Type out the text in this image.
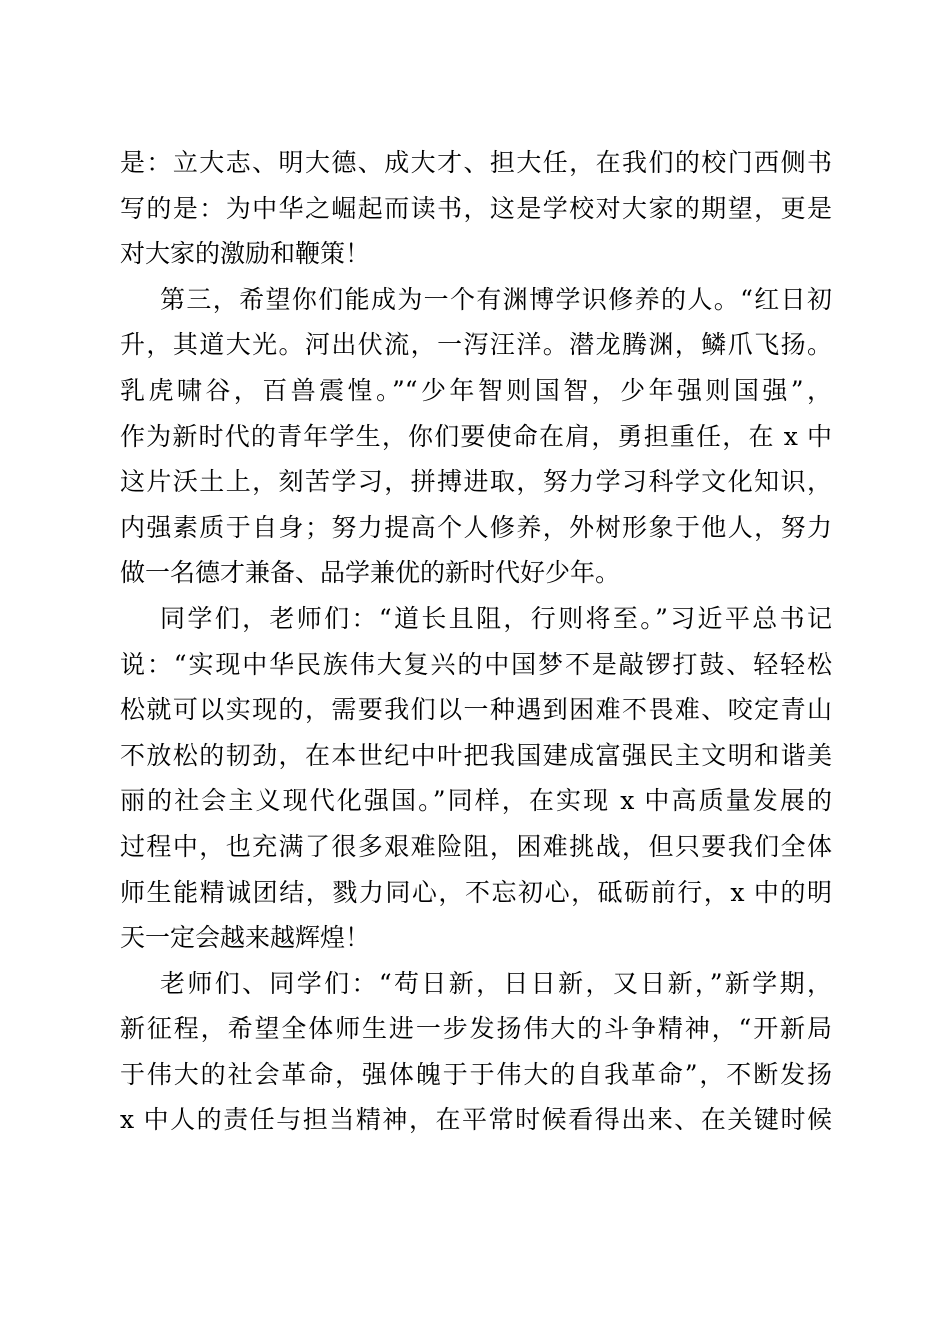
是：立大志、明大德、成大才、担大任，在我们的校门西侧书
写的是：为中华之崛起而读书，这是学校对大家的期望，更是
对大家的激励和鞭策！
第三，希望你们能成为一个有渊博学识修养的人。“红日初
升，其道大光。河出伏流，一泻汪洋。潜龙腾渊，鳞爪飞扬。
乳虎啸谷，百兽震惶。”“少年智则国智，少年强则国强”，
作为新时代的青年学生，你们要使命在肩，勇担重任，在 x 中
这片沃土上，刻苦学习，拼搏进取，努力学习科学文化知识，
内强素质于自身；努力提高个人修养，外树形象于他人，努力
做一名德才兼备、品学兼优的新时代好少年。
同学们，老师们：“道长且阻，行则将至。”习近平总书记
说：“实现中华民族伟大复兴的中国梦不是敲锣打鼓、轻轻松
松就可以实现的，需要我们以一种遇到困难不畏难、咬定青山
不放松的韧劲，在本世纪中叶把我国建成富强民主文明和谐美
丽的社会主义现代化强国。”同样，在实现 x 中高质量发展的
过程中，也充满了很多艰难险阻，困难挑战，但只要我们全体
师生能精诚团结，戮力同心，不忘初心，砥砺前行，x 中的明
天一定会越来越辉煌！
老师们、同学们：“苟日新，日日新，又日新，”新学期，
新征程，希望全体师生进一步发扬伟大的斗争精神，“开新局
于伟大的社会革命，强体魄于于伟大的自我革命”，不断发扬
x 中人的责任与担当精神，在平常时候看得出来、在关键时候
